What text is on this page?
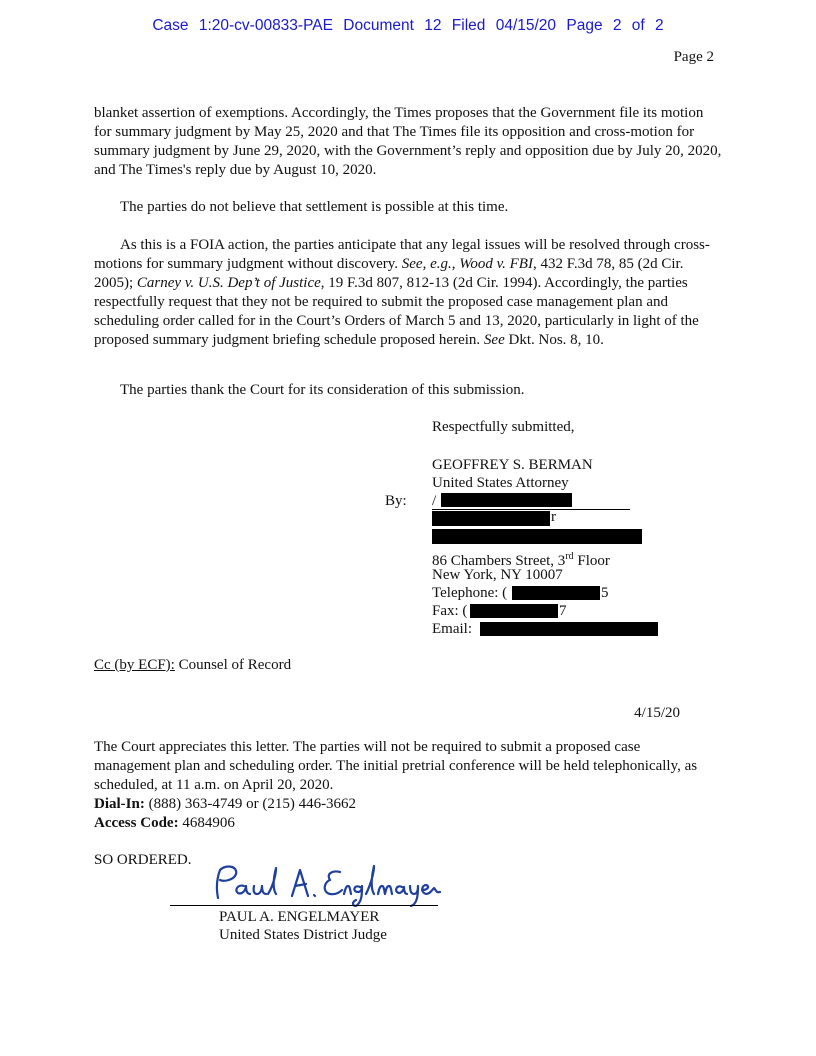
Case 1:20-cv-00833-PAE Document 12 Filed 04/15/20 Page 2 of 2
Page 2
blanket assertion of exemptions. Accordingly, the Times proposes that the Government file its motion for summary judgment by May 25, 2020 and that The Times file its opposition and cross-motion for summary judgment by June 29, 2020, with the Government’s reply and opposition due by July 20, 2020, and The Times's reply due by August 10, 2020.
The parties do not believe that settlement is possible at this time.
As this is a FOIA action, the parties anticipate that any legal issues will be resolved through cross-motions for summary judgment without discovery. See, e.g., Wood v. FBI, 432 F.3d 78, 85 (2d Cir. 2005); Carney v. U.S. Dep’t of Justice, 19 F.3d 807, 812-13 (2d Cir. 1994). Accordingly, the parties respectfully request that they not be required to submit the proposed case management plan and scheduling order called for in the Court’s Orders of March 5 and 13, 2020, particularly in light of the proposed summary judgment briefing schedule proposed herein. See Dkt. Nos. 8, 10.
The parties thank the Court for its consideration of this submission.
Respectfully submitted,
GEOFFREY S. BERMAN
United States Attorney
By: /
r
86 Chambers Street, 3rd Floor
New York, NY 10007
Telephone: (	5
Fax: (	7
Email:
Cc (by ECF): Counsel of Record
4/15/20
The Court appreciates this letter. The parties will not be required to submit a proposed case management plan and scheduling order. The initial pretrial conference will be held telephonically, as scheduled, at 11 a.m. on April 20, 2020.
Dial-In: (888) 363-4749 or (215) 446-3662
Access Code: 4684906
SO ORDERED.
PAUL A. ENGELMAYER
United States District Judge
